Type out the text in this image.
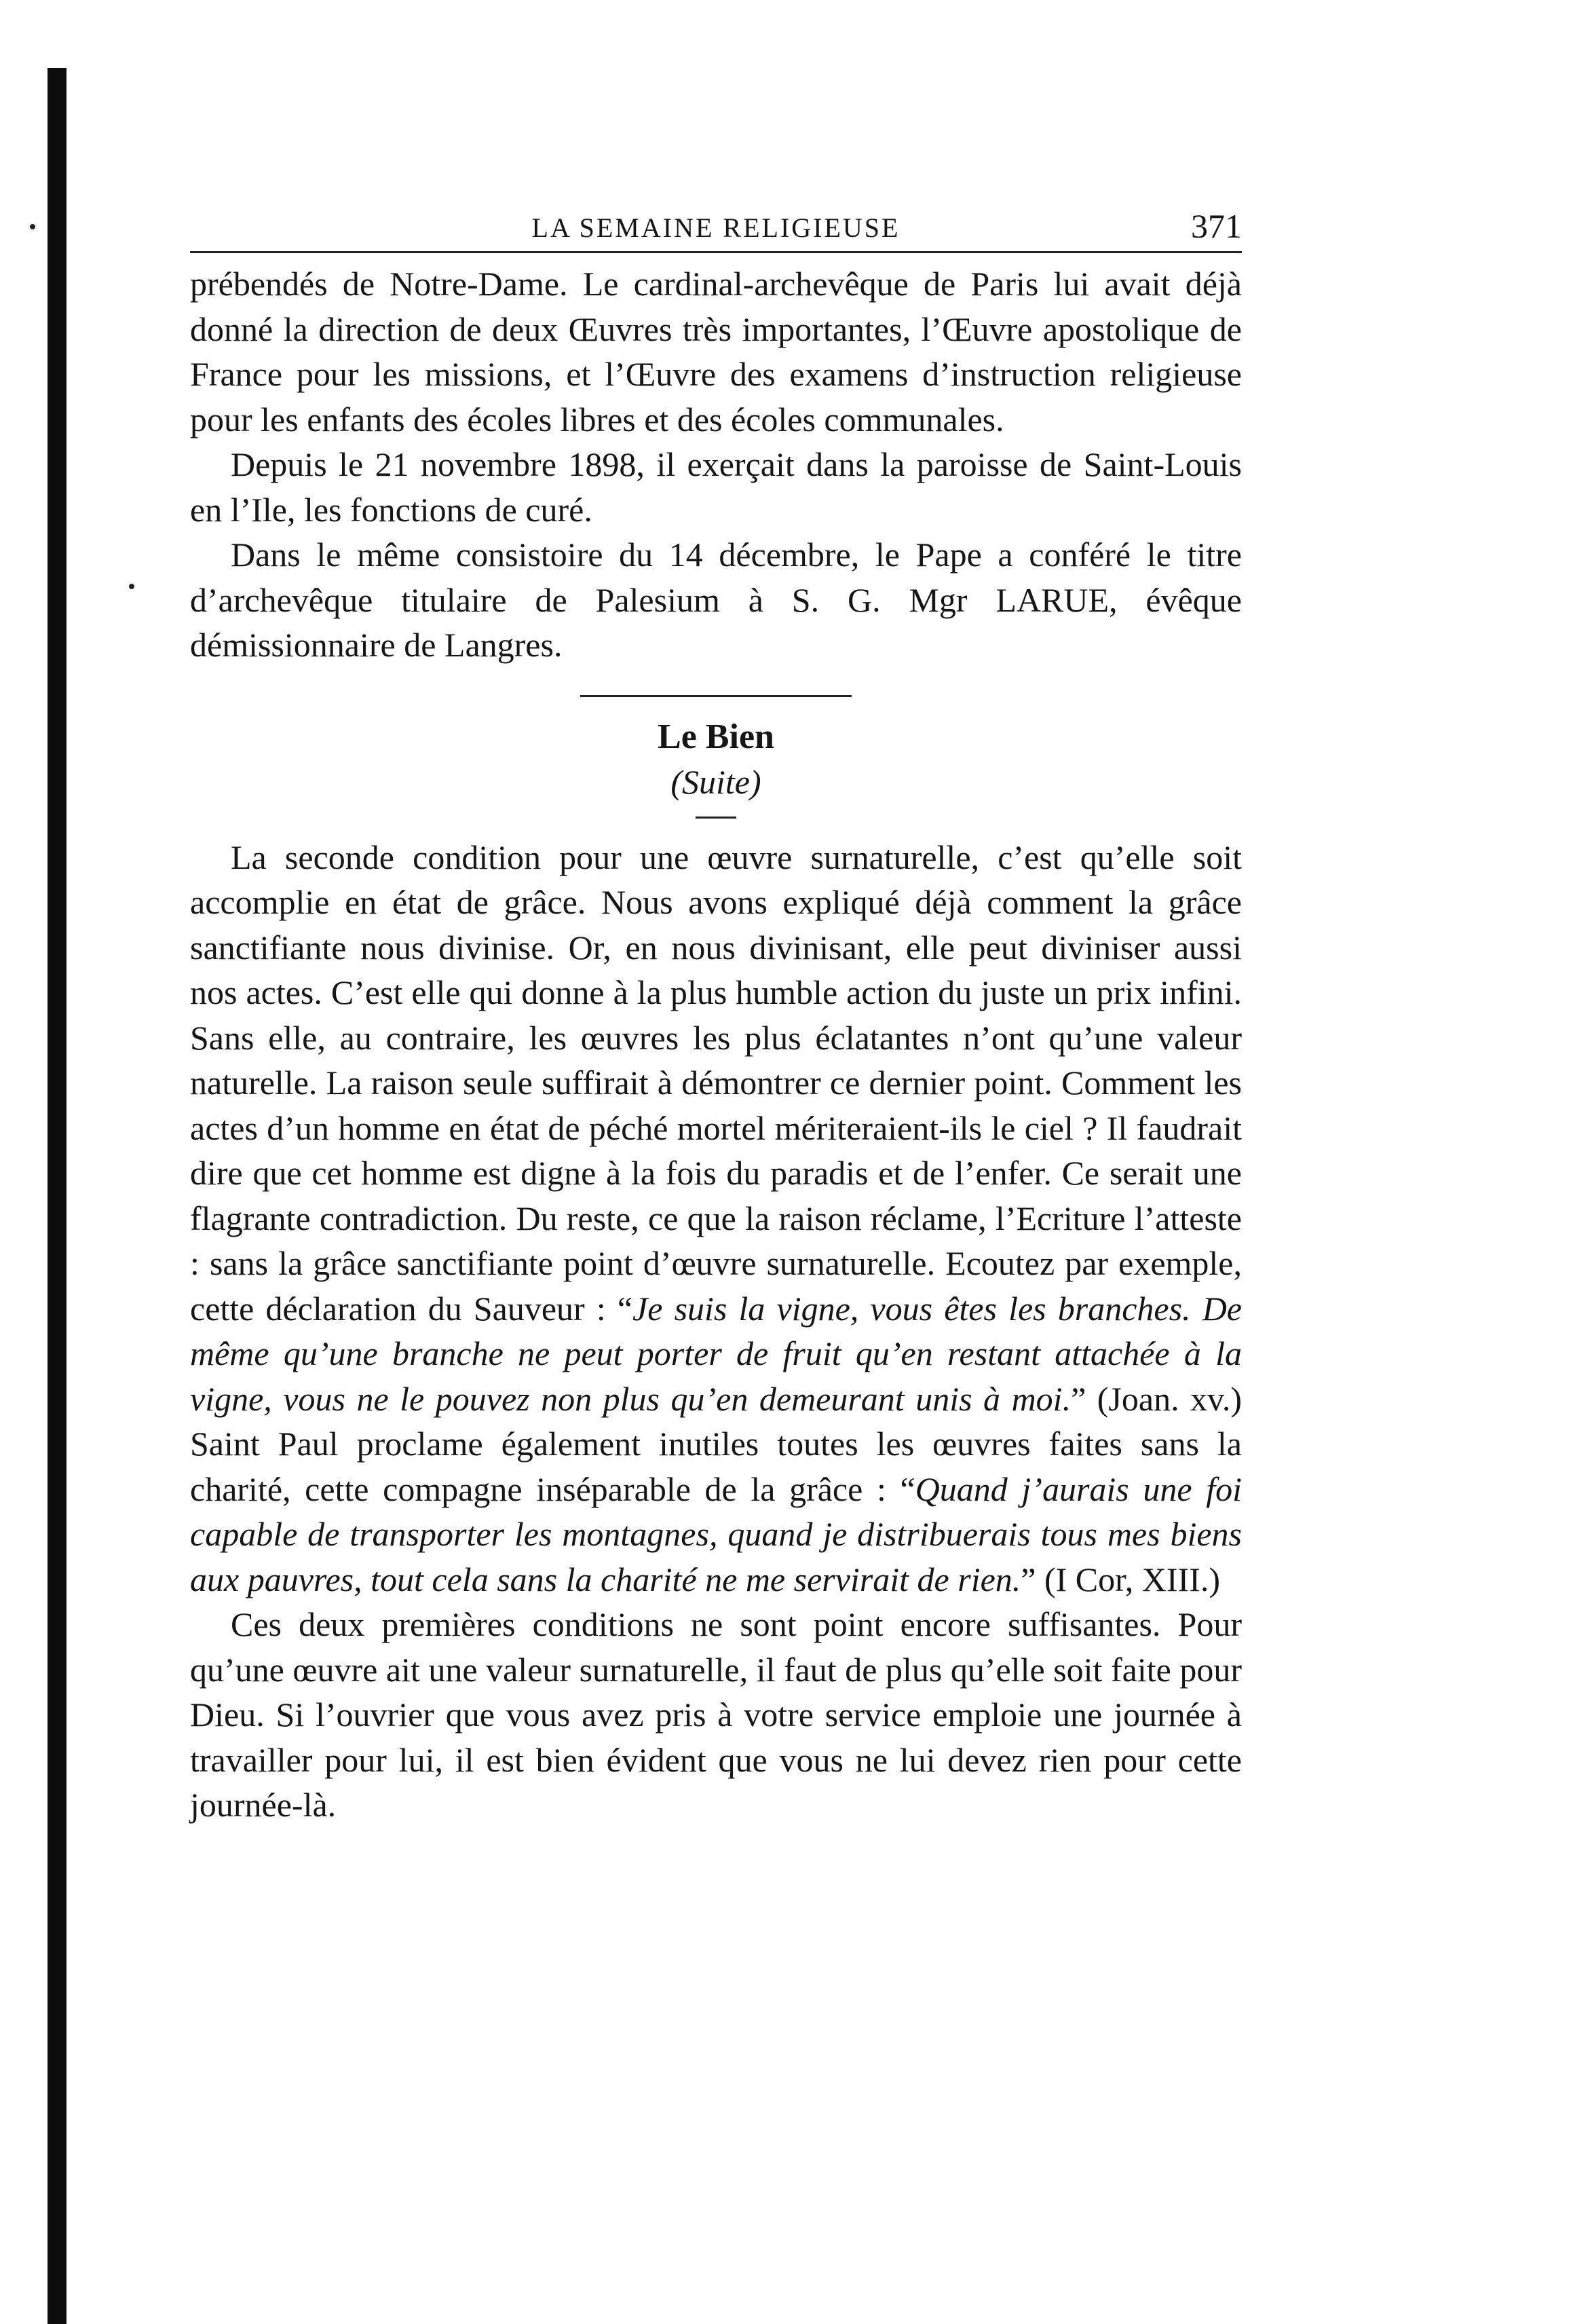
LA SEMAINE RELIGIEUSE	371

prébendés de Notre-Dame. Le cardinal-archevêque de Paris lui avait déjà donné la direction de deux Œuvres très importantes, l’Œuvre apostolique de France pour les missions, et l’Œuvre des examens d’instruction religieuse pour les enfants des écoles libres et des écoles communales.

Depuis le 21 novembre 1898, il exerçait dans la paroisse de Saint-Louis en l’Ile, les fonctions de curé.

Dans le même consistoire du 14 décembre, le Pape a conféré le titre d’archevêque titulaire de Palesium à S. G. Mgr LARUE, évêque démissionnaire de Langres.

Le Bien
(Suite)

La seconde condition pour une œuvre surnaturelle, c’est qu’elle soit accomplie en état de grâce. Nous avons expliqué déjà comment la grâce sanctifiante nous divinise. Or, en nous divinisant, elle peut diviniser aussi nos actes. C’est elle qui donne à la plus humble action du juste un prix infini. Sans elle, au contraire, les œuvres les plus éclatantes n’ont qu’une valeur naturelle. La raison seule suffirait à démontrer ce dernier point. Comment les actes d’un homme en état de péché mortel mériteraient-ils le ciel ? Il faudrait dire que cet homme est digne à la fois du paradis et de l’enfer. Ce serait une flagrante contradiction. Du reste, ce que la raison réclame, l’Ecriture l’atteste : sans la grâce sanctifiante point d’œuvre surnaturelle. Ecoutez par exemple, cette déclaration du Sauveur : “Je suis la vigne, vous êtes les branches. De même qu’une branche ne peut porter de fruit qu’en restant attachée à la vigne, vous ne le pouvez non plus qu’en demeurant unis à moi.” (Joan. xv.) Saint Paul proclame également inutiles toutes les œuvres faites sans la charité, cette compagne inséparable de la grâce : “Quand j’aurais une foi capable de transporter les montagnes, quand je distribuerais tous mes biens aux pauvres, tout cela sans la charité ne me servirait de rien.” (I Cor, XIII.)

Ces deux premières conditions ne sont point encore suffisantes. Pour qu’une œuvre ait une valeur surnaturelle, il faut de plus qu’elle soit faite pour Dieu. Si l’ouvrier que vous avez pris à votre service emploie une journée à travailler pour lui, il est bien évident que vous ne lui devez rien pour cette journée-là.
